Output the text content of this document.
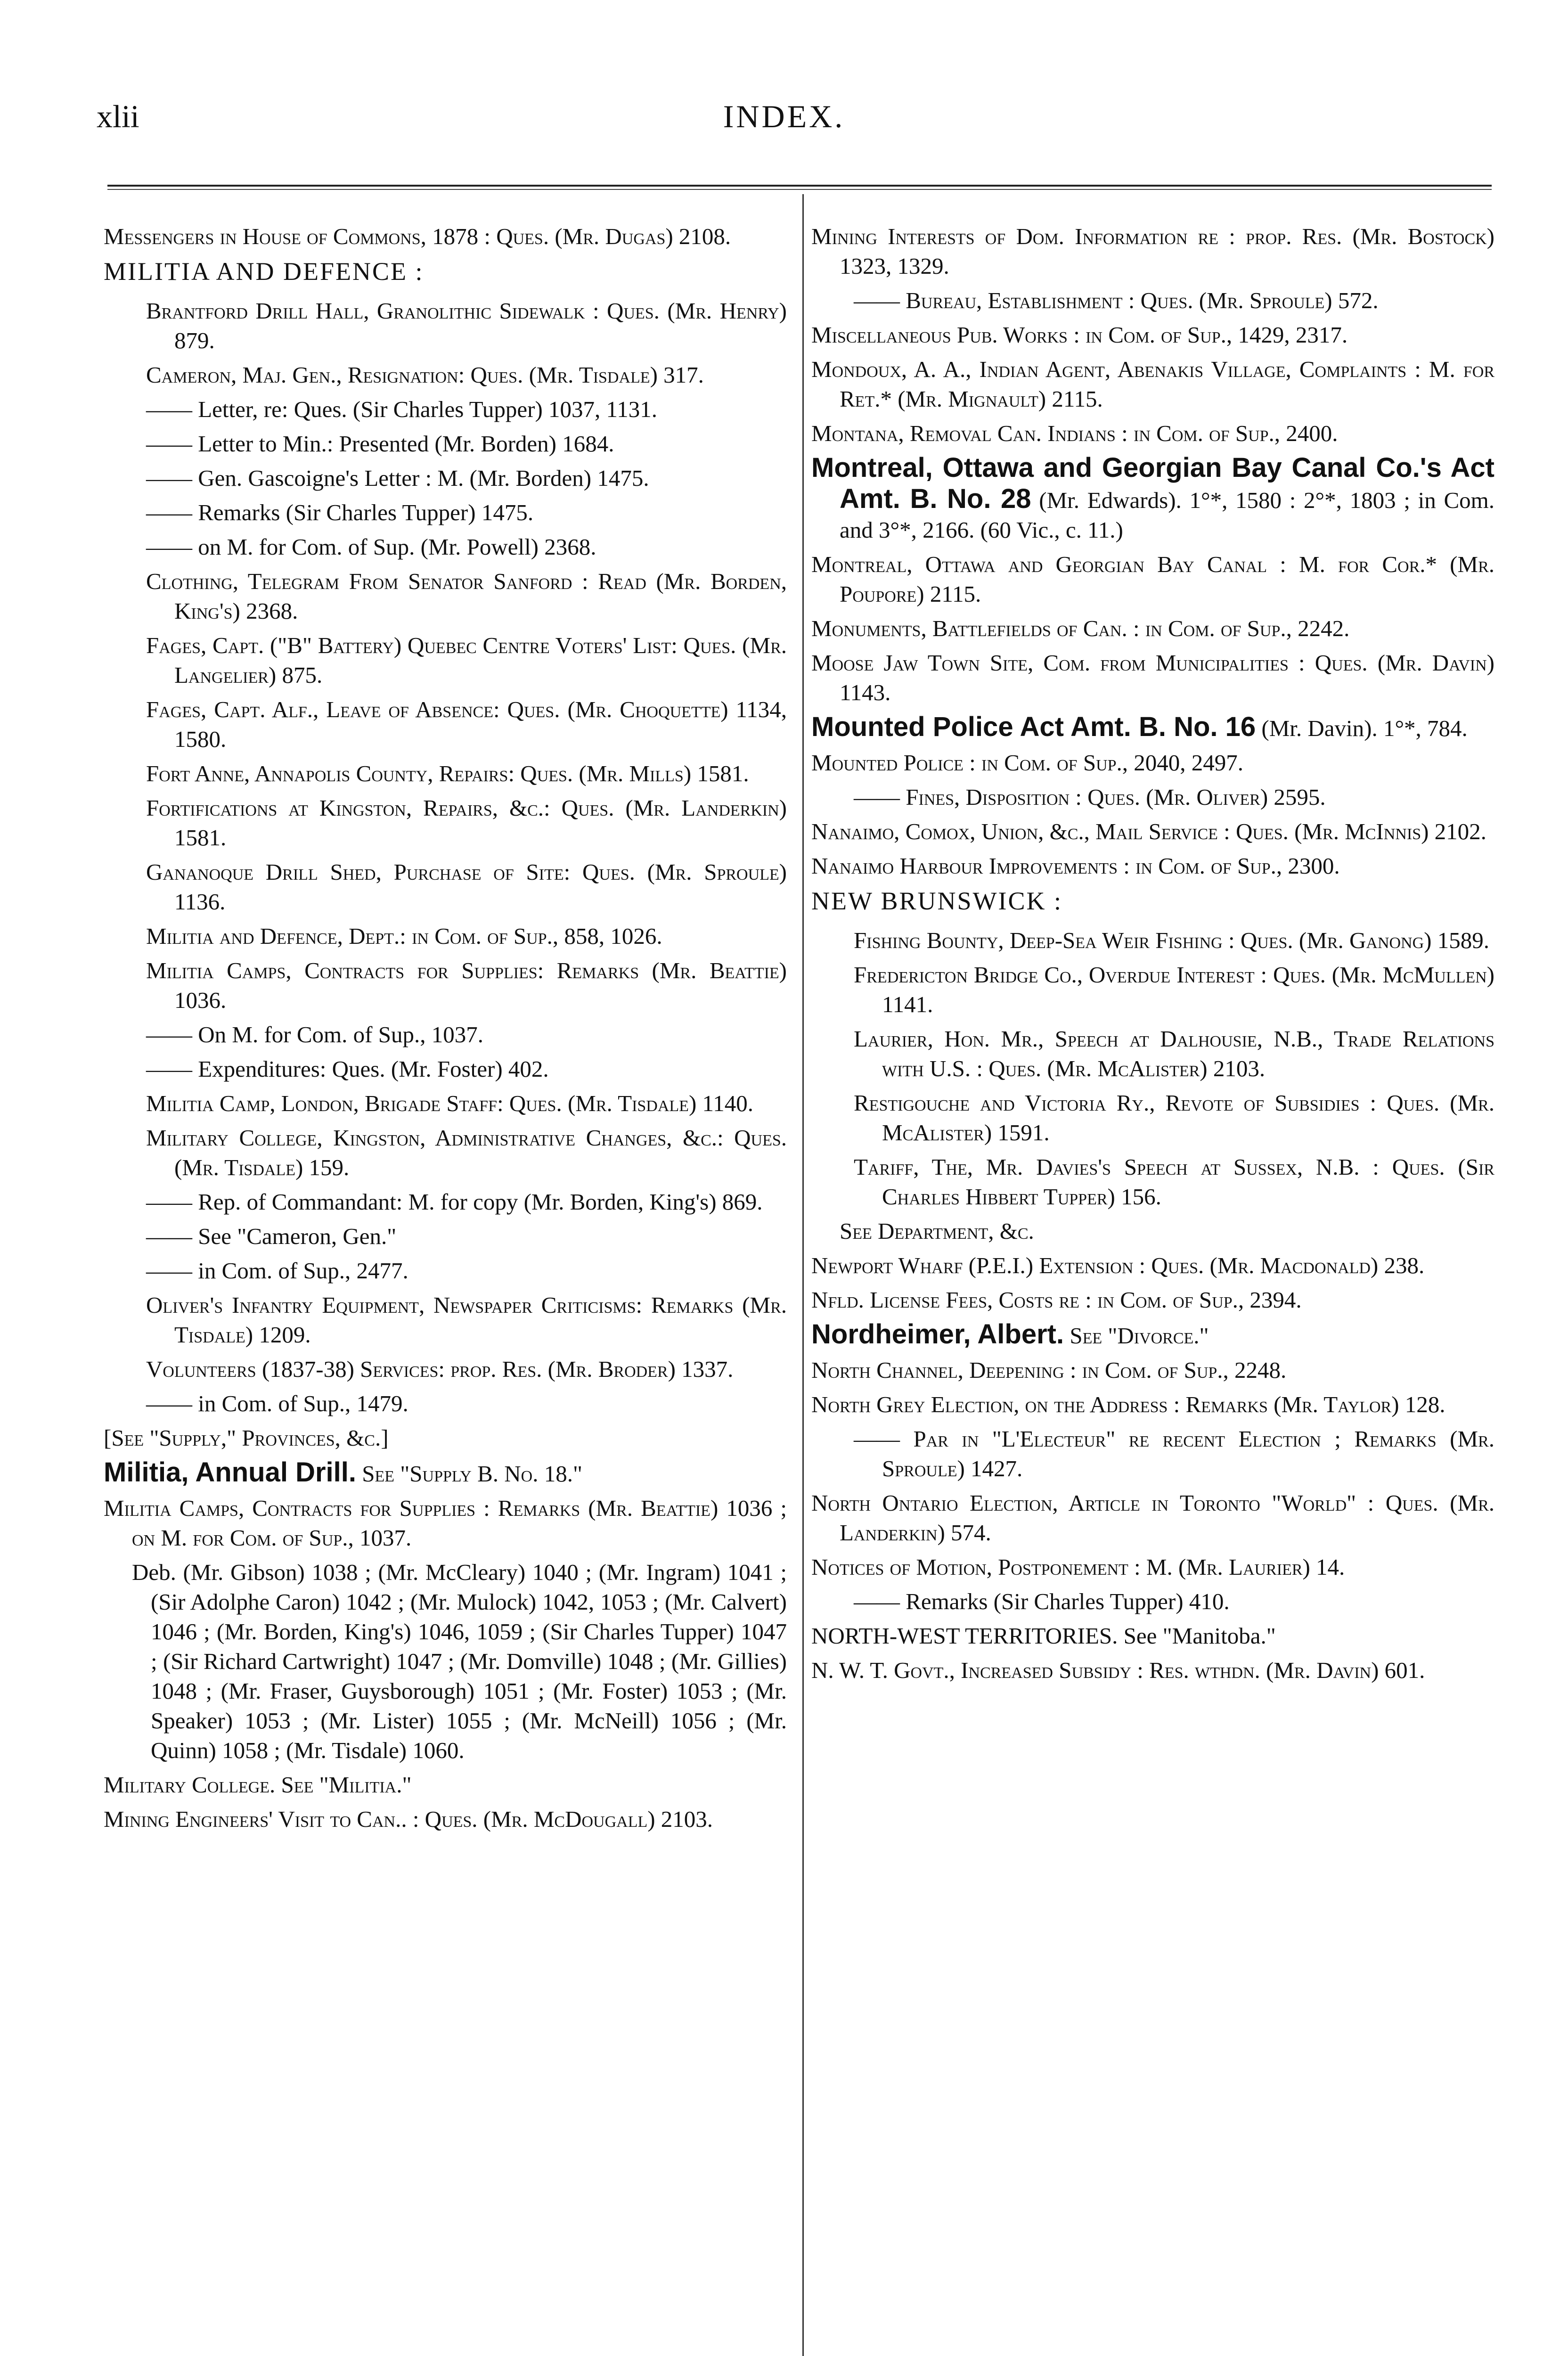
INDEX.
xlii

Messengers in House of Commons, 1878 : Ques. (Mr. Dugas) 2108.

MILITIA AND DEFENCE :

Brantford Drill Hall, Granolithic Sidewalk : Ques. (Mr. Henry) 879.

Cameron, Maj. Gen., Resignation: Ques. (Mr. Tisdale) 317.

—— Letter, re: Ques. (Sir Charles Tupper) 1037, 1131.

—— Letter to Min.: Presented (Mr. Borden) 1684.

—— Gen. Gascoigne's Letter : M. (Mr. Borden) 1475.

—— Remarks (Sir Charles Tupper) 1475.

—— on M. for Com. of Sup. (Mr. Powell) 2368.

Clothing, Telegram From Senator Sanford : Read (Mr. Borden, King's) 2368.

Fages, Capt. ("B" Battery) Quebec Centre Voters' List: Ques. (Mr. Langelier) 875.

Fages, Capt. Alf., Leave of Absence: Ques. (Mr. Choquette) 1134, 1580.

Fort Anne, Annapolis County, Repairs: Ques. (Mr. Mills) 1581.

Fortifications at Kingston, Repairs, &c.: Ques. (Mr. Landerkin) 1581.

Gananoque Drill Shed, Purchase of Site: Ques. (Mr. Sproule) 1136.

Militia and Defence, Dept.: in Com. of Sup., 858, 1026.

Militia Camps, Contracts for Supplies: Remarks (Mr. Beattie) 1036.

—— On M. for Com. of Sup., 1037.

—— Expenditures: Ques. (Mr. Foster) 402.

Militia Camp, London, Brigade Staff: Ques. (Mr. Tisdale) 1140.

Military College, Kingston, Administrative Changes, &c.: Ques. (Mr. Tisdale) 159.

—— Rep. of Commandant: M. for copy (Mr. Borden, King's) 869.

—— See "Cameron, Gen."

—— in Com. of Sup., 2477.

Oliver's Infantry Equipment, Newspaper Criticisms: Remarks (Mr. Tisdale) 1209.

Volunteers (1837-38) Services: prop. Res. (Mr. Broder) 1337.

—— in Com. of Sup., 1479.

[See "Supply," Provinces, &c.]

Militia, Annual Drill. See "Supply B. No. 18."

Militia Camps, Contracts for Supplies : Remarks (Mr. Beattie) 1036 ; on M. for Com. of Sup., 1037.

Deb. (Mr. Gibson) 1038 ; (Mr. McCleary) 1040 ; (Mr. Ingram) 1041 ; (Sir Adolphe Caron) 1042 ; (Mr. Mulock) 1042, 1053 ; (Mr. Calvert) 1046 ; (Mr. Borden, King's) 1046, 1059 ; (Sir Charles Tupper) 1047 ; (Sir Richard Cartwright) 1047 ; (Mr. Domville) 1048 ; (Mr. Gillies) 1048 ; (Mr. Fraser, Guysborough) 1051 ; (Mr. Foster) 1053 ; (Mr. Speaker) 1053 ; (Mr. Lister) 1055 ; (Mr. McNeill) 1056 ; (Mr. Quinn) 1058 ; (Mr. Tisdale) 1060.

Military College. See "Militia."

Mining Engineers' Visit to Can.. : Ques. (Mr. McDougall) 2103.

Mining Interests of Dom. Information re : prop. Res. (Mr. Bostock) 1323, 1329.

—— Bureau, Establishment : Ques. (Mr. Sproule) 572.

Miscellaneous Pub. Works : in Com. of Sup., 1429, 2317.

Mondoux, A. A., Indian Agent, Abenakis Village, Complaints : M. for Ret.* (Mr. Mignault) 2115.

Montana, Removal Can. Indians : in Com. of Sup., 2400.

Montreal, Ottawa and Georgian Bay Canal Co.'s Act Amt. B. No. 28 (Mr. Edwards). 1°*, 1580 : 2°*, 1803 ; in Com. and 3°*, 2166. (60 Vic., c. 11.)

Montreal, Ottawa and Georgian Bay Canal : M. for Cor.* (Mr. Poupore) 2115.

Monuments, Battlefields of Can. : in Com. of Sup., 2242.

Moose Jaw Town Site, Com. from Municipalities : Ques. (Mr. Davin) 1143.

Mounted Police Act Amt. B. No. 16 (Mr. Davin). 1°*, 784.

Mounted Police : in Com. of Sup., 2040, 2497.

—— Fines, Disposition : Ques. (Mr. Oliver) 2595.

Nanaimo, Comox, Union, &c., Mail Service : Ques. (Mr. McInnis) 2102.

Nanaimo Harbour Improvements : in Com. of Sup., 2300.

NEW BRUNSWICK :

Fishing Bounty, Deep-Sea Weir Fishing : Ques. (Mr. Ganong) 1589.

Fredericton Bridge Co., Overdue Interest : Ques. (Mr. McMullen) 1141.

Laurier, Hon. Mr., Speech at Dalhousie, N.B., Trade Relations with U.S. : Ques. (Mr. McAlister) 2103.

Restigouche and Victoria Ry., Revote of Subsidies : Ques. (Mr. McAlister) 1591.

Tariff, The, Mr. Davies's Speech at Sussex, N.B. : Ques. (Sir Charles Hibbert Tupper) 156.

See Department, &c.

Newport Wharf (P.E.I.) Extension : Ques. (Mr. Macdonald) 238.

Nfld. License Fees, Costs re : in Com. of Sup., 2394.

Nordheimer, Albert. See "Divorce."

North Channel, Deepening : in Com. of Sup., 2248.

North Grey Election, on the Address : Remarks (Mr. Taylor) 128.

—— Par in "L'Electeur" re recent Election ; Remarks (Mr. Sproule) 1427.

North Ontario Election, Article in Toronto "World" : Ques. (Mr. Landerkin) 574.

Notices of Motion, Postponement : M. (Mr. Laurier) 14.

—— Remarks (Sir Charles Tupper) 410.

NORTH-WEST TERRITORIES. See "Manitoba."

N. W. T. Govt., Increased Subsidy : Res. wthdn. (Mr. Davin) 601.
